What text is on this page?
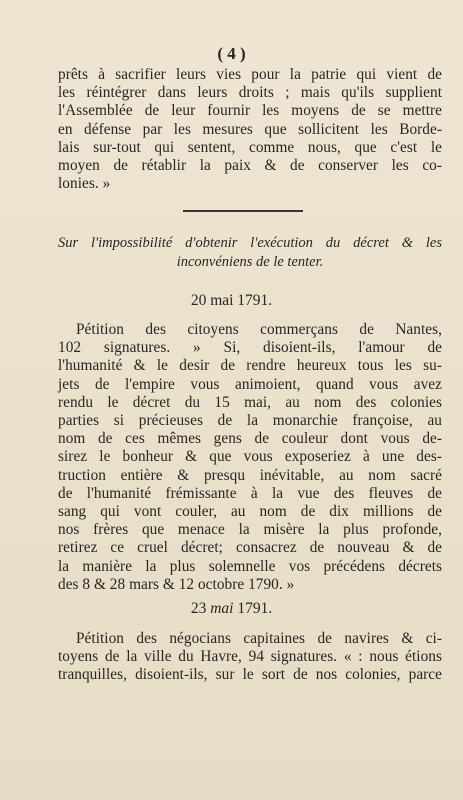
( 4 )

prêts à sacrifier leurs vies pour la patrie qui vient de

les réintégrer dans leurs droits ; mais qu'ils supplient

l'Assemblée de leur fournir les moyens de se mettre

en défense par les mesures que sollicitent les Borde-

lais sur-tout qui sentent, comme nous, que c'est le

moyen de rétablir la paix & de conserver les co-

lonies. »

Sur l'impossibilité d'obtenir l'exécution du décret & les
inconvéniens de le tenter.
20 mai 1791.

Pétition des citoyens commerçans de Nantes,

102 signatures. » Si, disoient-ils, l'amour de

l'humanité & le desir de rendre heureux tous les su-

jets de l'empire vous animoient, quand vous avez

rendu le décret du 15 mai, au nom des colonies

parties si précieuses de la monarchie françoise, au

nom de ces mêmes gens de couleur dont vous de-

sirez le bonheur & que vous exposeriez à une des-

truction entière & presqu inévitable, au nom sacré

de l'humanité frémissante à la vue des fleuves de

sang qui vont couler, au nom de dix millions de

nos frères que menace la misère la plus profonde,

retirez ce cruel décret; consacrez de nouveau & de

la manière la plus solemnelle vos précédens décrets

des 8 & 28 mars & 12 octobre 1790. »

23 mai 1791.

Pétition des négocians capitaines de navires & ci-

toyens de la ville du Havre, 94 signatures. « : nous étions

tranquilles, disoient-ils, sur le sort de nos colonies, parce
